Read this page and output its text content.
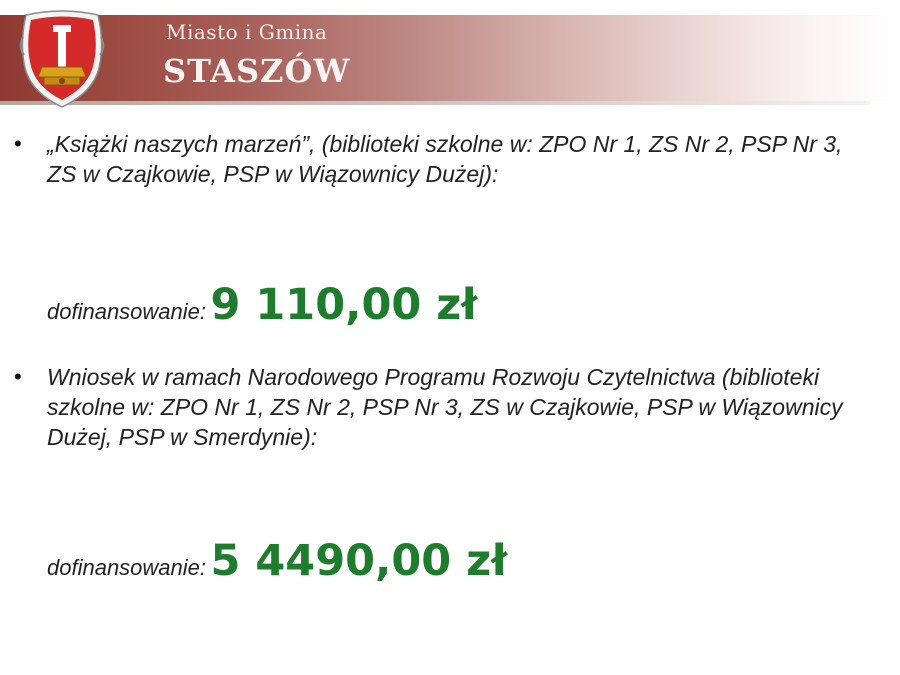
Miasto i Gmina
STASZÓW
• „Książki naszych marzeń”, (biblioteki szkolne w: ZPO Nr 1, ZS Nr 2, PSP Nr 3, ZS w Czajkowie, PSP w Wiązownicy Dużej):
dofinansowanie: 9 110,00 zł
• Wniosek w ramach Narodowego Programu Rozwoju Czytelnictwa (biblioteki szkolne w: ZPO Nr 1, ZS Nr 2, PSP Nr 3, ZS w Czajkowie, PSP w Wiązownicy Dużej, PSP w Smerdynie):
dofinansowanie: 5 4490,00 zł
